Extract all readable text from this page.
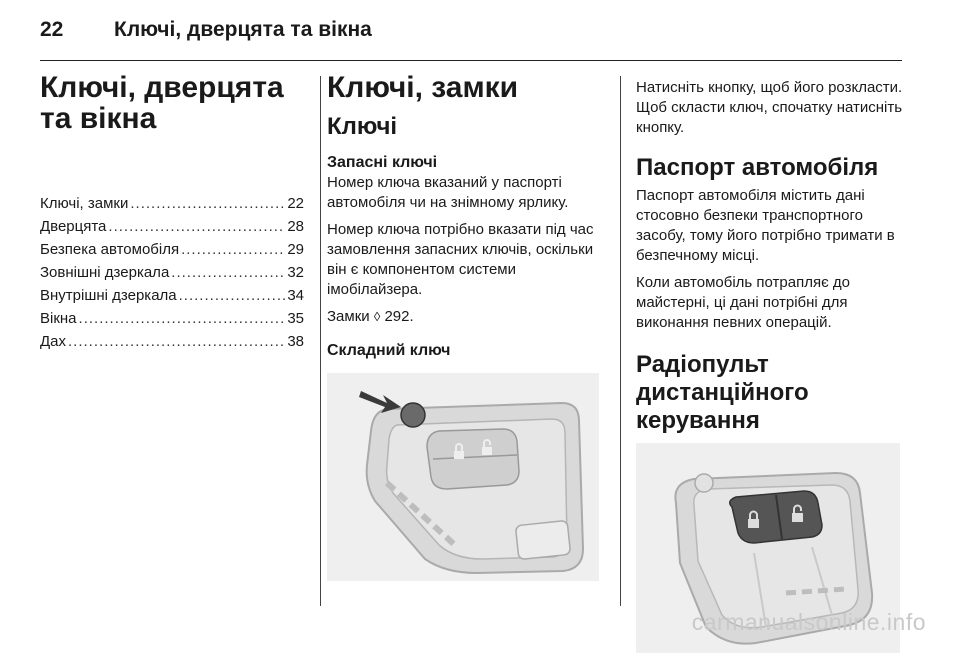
22 Ключі, дверцята та вікна
Ключі, дверцята та вікна
Ключі, замки .....	22
Дверцята .....	28
Безпека автомобіля .....	29
Зовнішні дзеркала .....	32
Внутрішні дзеркала .....	34
Вікна .....	35
Дах .....	38
Ключі, замки
Ключі
Запасні ключі

Номер ключа вказаний у паспорті автомобіля чи на знімному ярлику.

Номер ключа потрібно вказати під час замовлення запасних ключів, оскільки він є компонентом системи імобілайзера.

Замки ◊ 292.

Складний ключ

Натисніть кнопку, щоб його розкласти. Щоб скласти ключ, спочатку натисніть кнопку.

Паспорт автомобіля

Паспорт автомобіля містить дані стосовно безпеки транспортного засобу, тому його потрібно тримати в безпечному місці.

Коли автомобіль потрапляє до майстерні, ці дані потрібні для виконання певних операцій.

Радіопульт дистанційного керування
carmanualsonline.info
